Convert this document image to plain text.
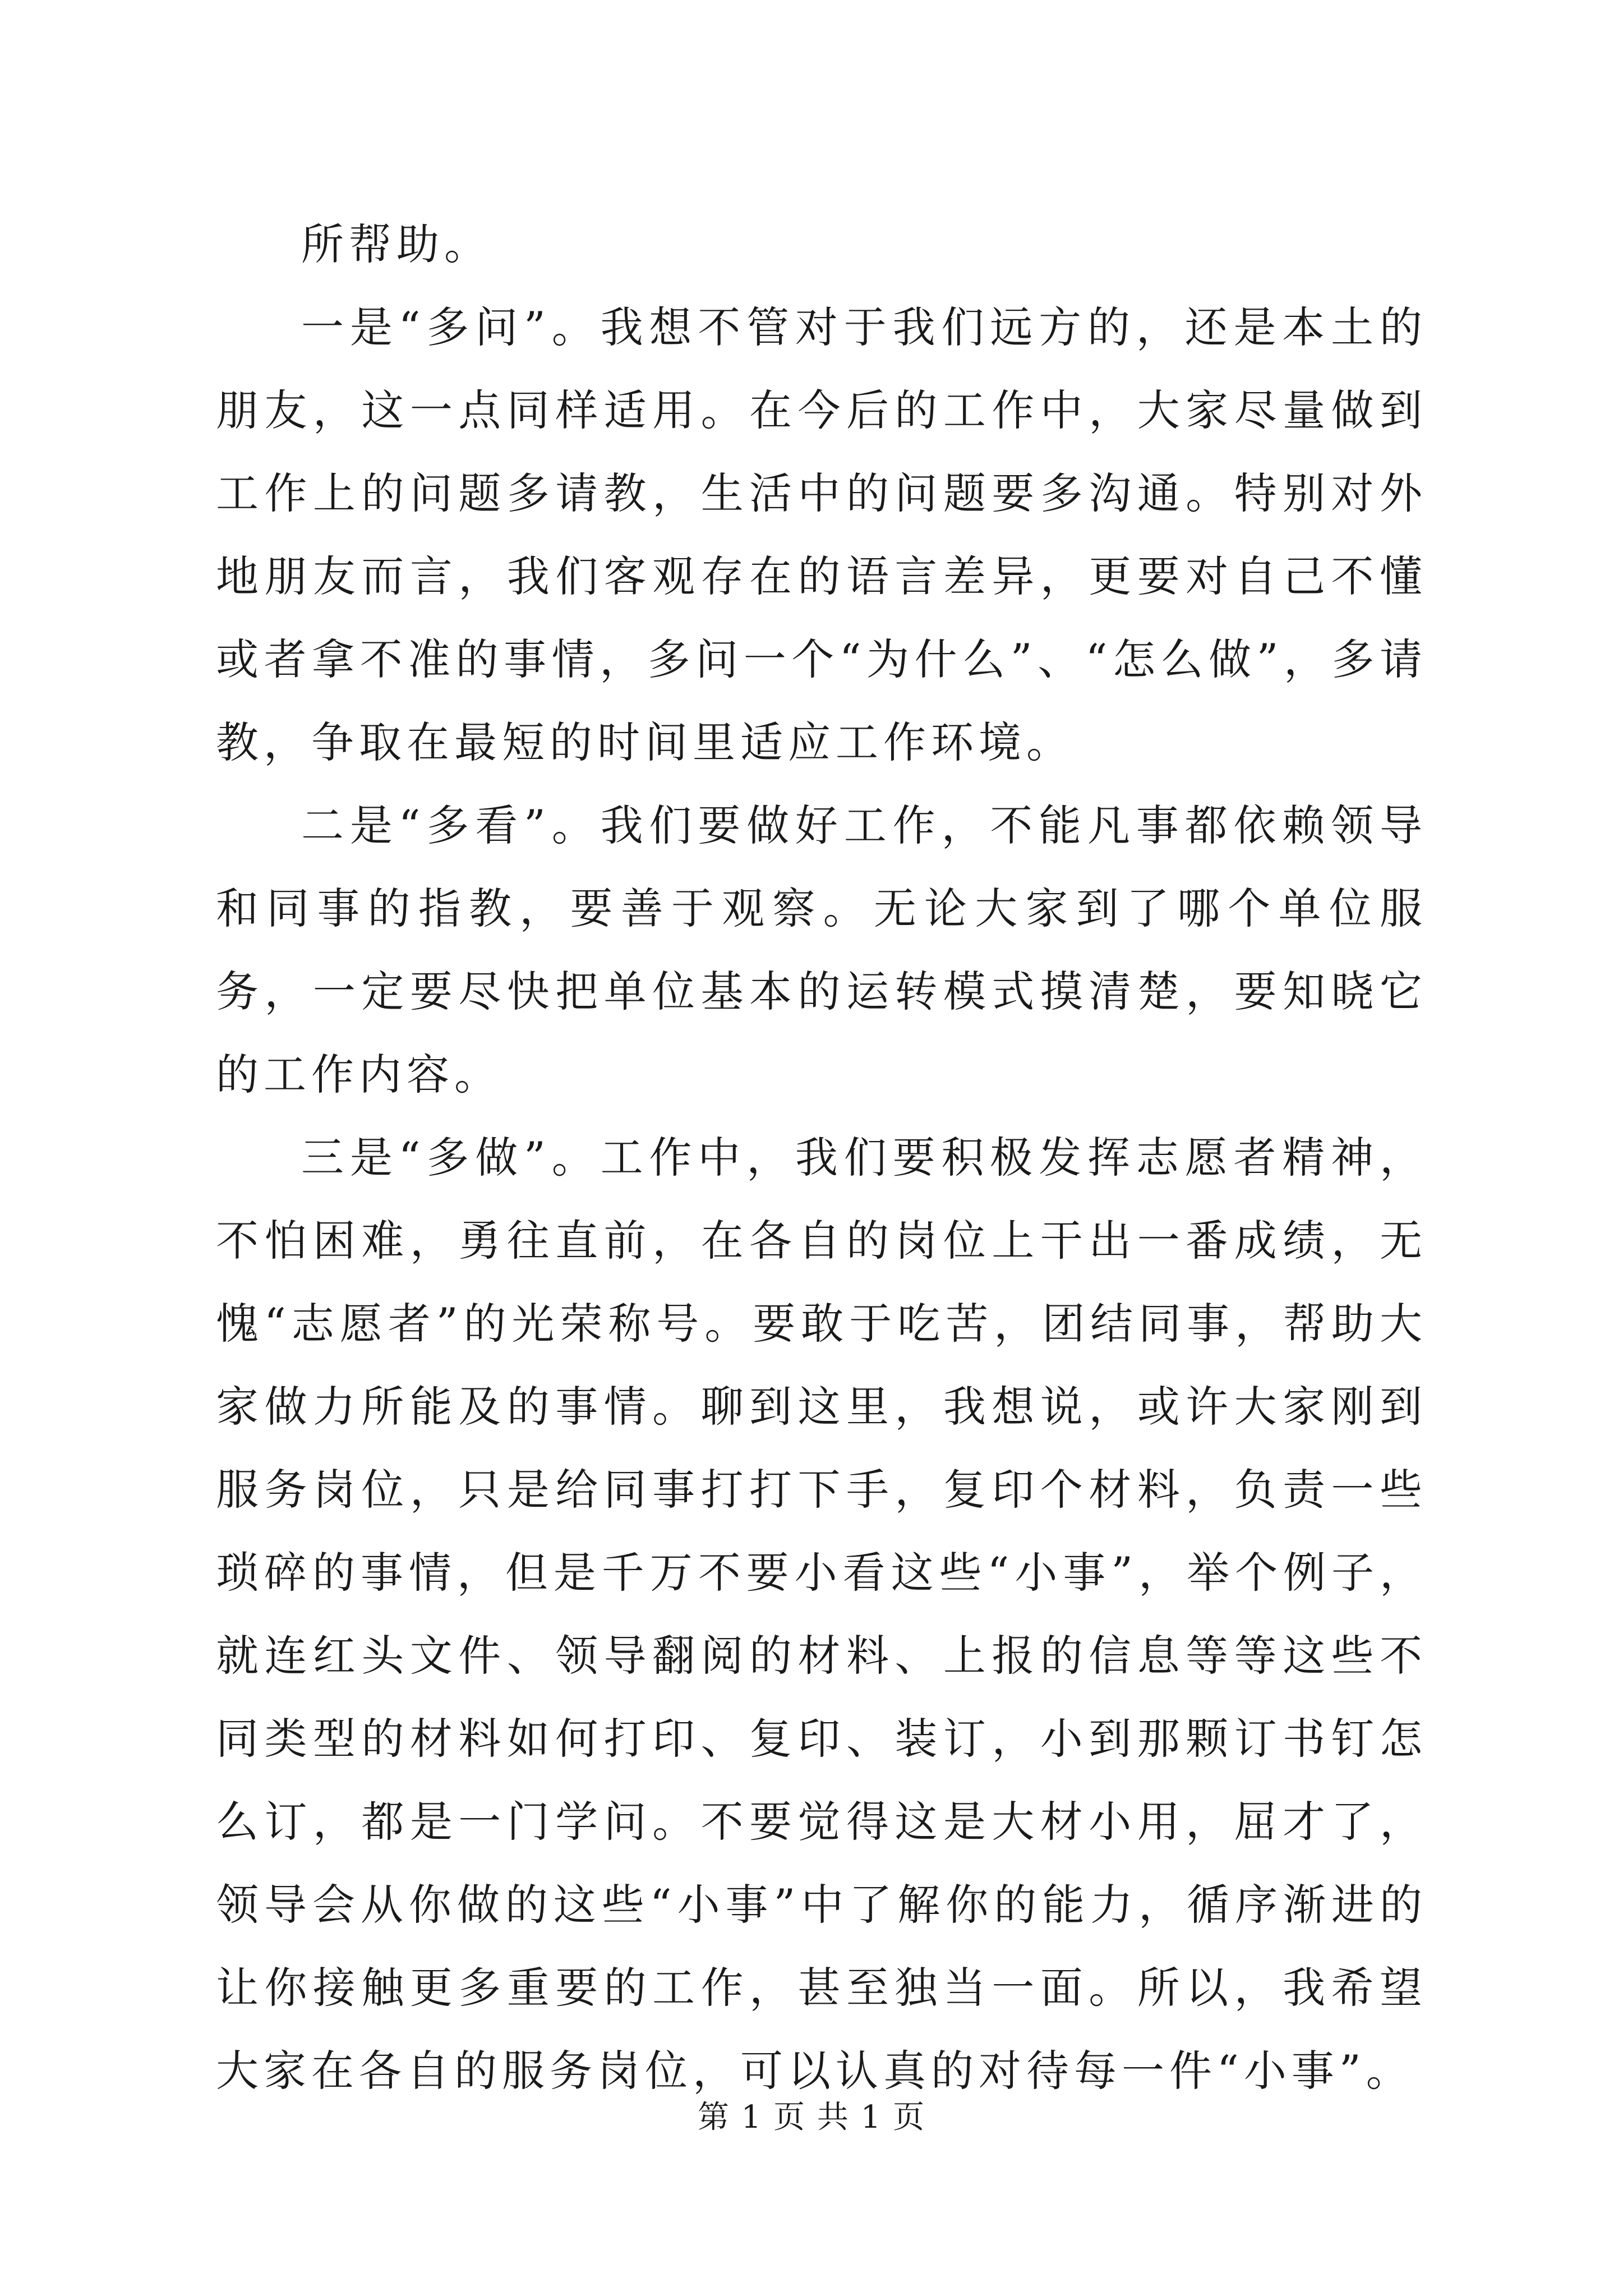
所帮助。

一是“多问”。我想不管对于我们远方的，还是本土的朋友，这一点同样适用。在今后的工作中，大家尽量做到工作上的问题多请教，生活中的问题要多沟通。特别对外地朋友而言，我们客观存在的语言差异，更要对自己不懂或者拿不准的事情，多问一个“为什么”、“怎么做”，多请教，争取在最短的时间里适应工作环境。

二是“多看”。我们要做好工作，不能凡事都依赖领导和同事的指教，要善于观察。无论大家到了哪个单位服务，一定要尽快把单位基本的运转模式摸清楚，要知晓它的工作内容。

三是“多做”。工作中，我们要积极发挥志愿者精神，不怕困难，勇往直前，在各自的岗位上干出一番成绩，无愧“志愿者”的光荣称号。要敢于吃苦，团结同事，帮助大家做力所能及的事情。聊到这里，我想说，或许大家刚到服务岗位，只是给同事打打下手，复印个材料，负责一些琐碎的事情，但是千万不要小看这些“小事”，举个例子，就连红头文件、领导翻阅的材料、上报的信息等等这些不同类型的材料如何打印、复印、装订，小到那颗订书钉怎么订，都是一门学问。不要觉得这是大材小用，屈才了，领导会从你做的这些“小事”中了解你的能力，循序渐进的让你接触更多重要的工作，甚至独当一面。所以，我希望大家在各自的服务岗位，可以认真的对待每一件“小事”。

第 1 页 共 1 页
